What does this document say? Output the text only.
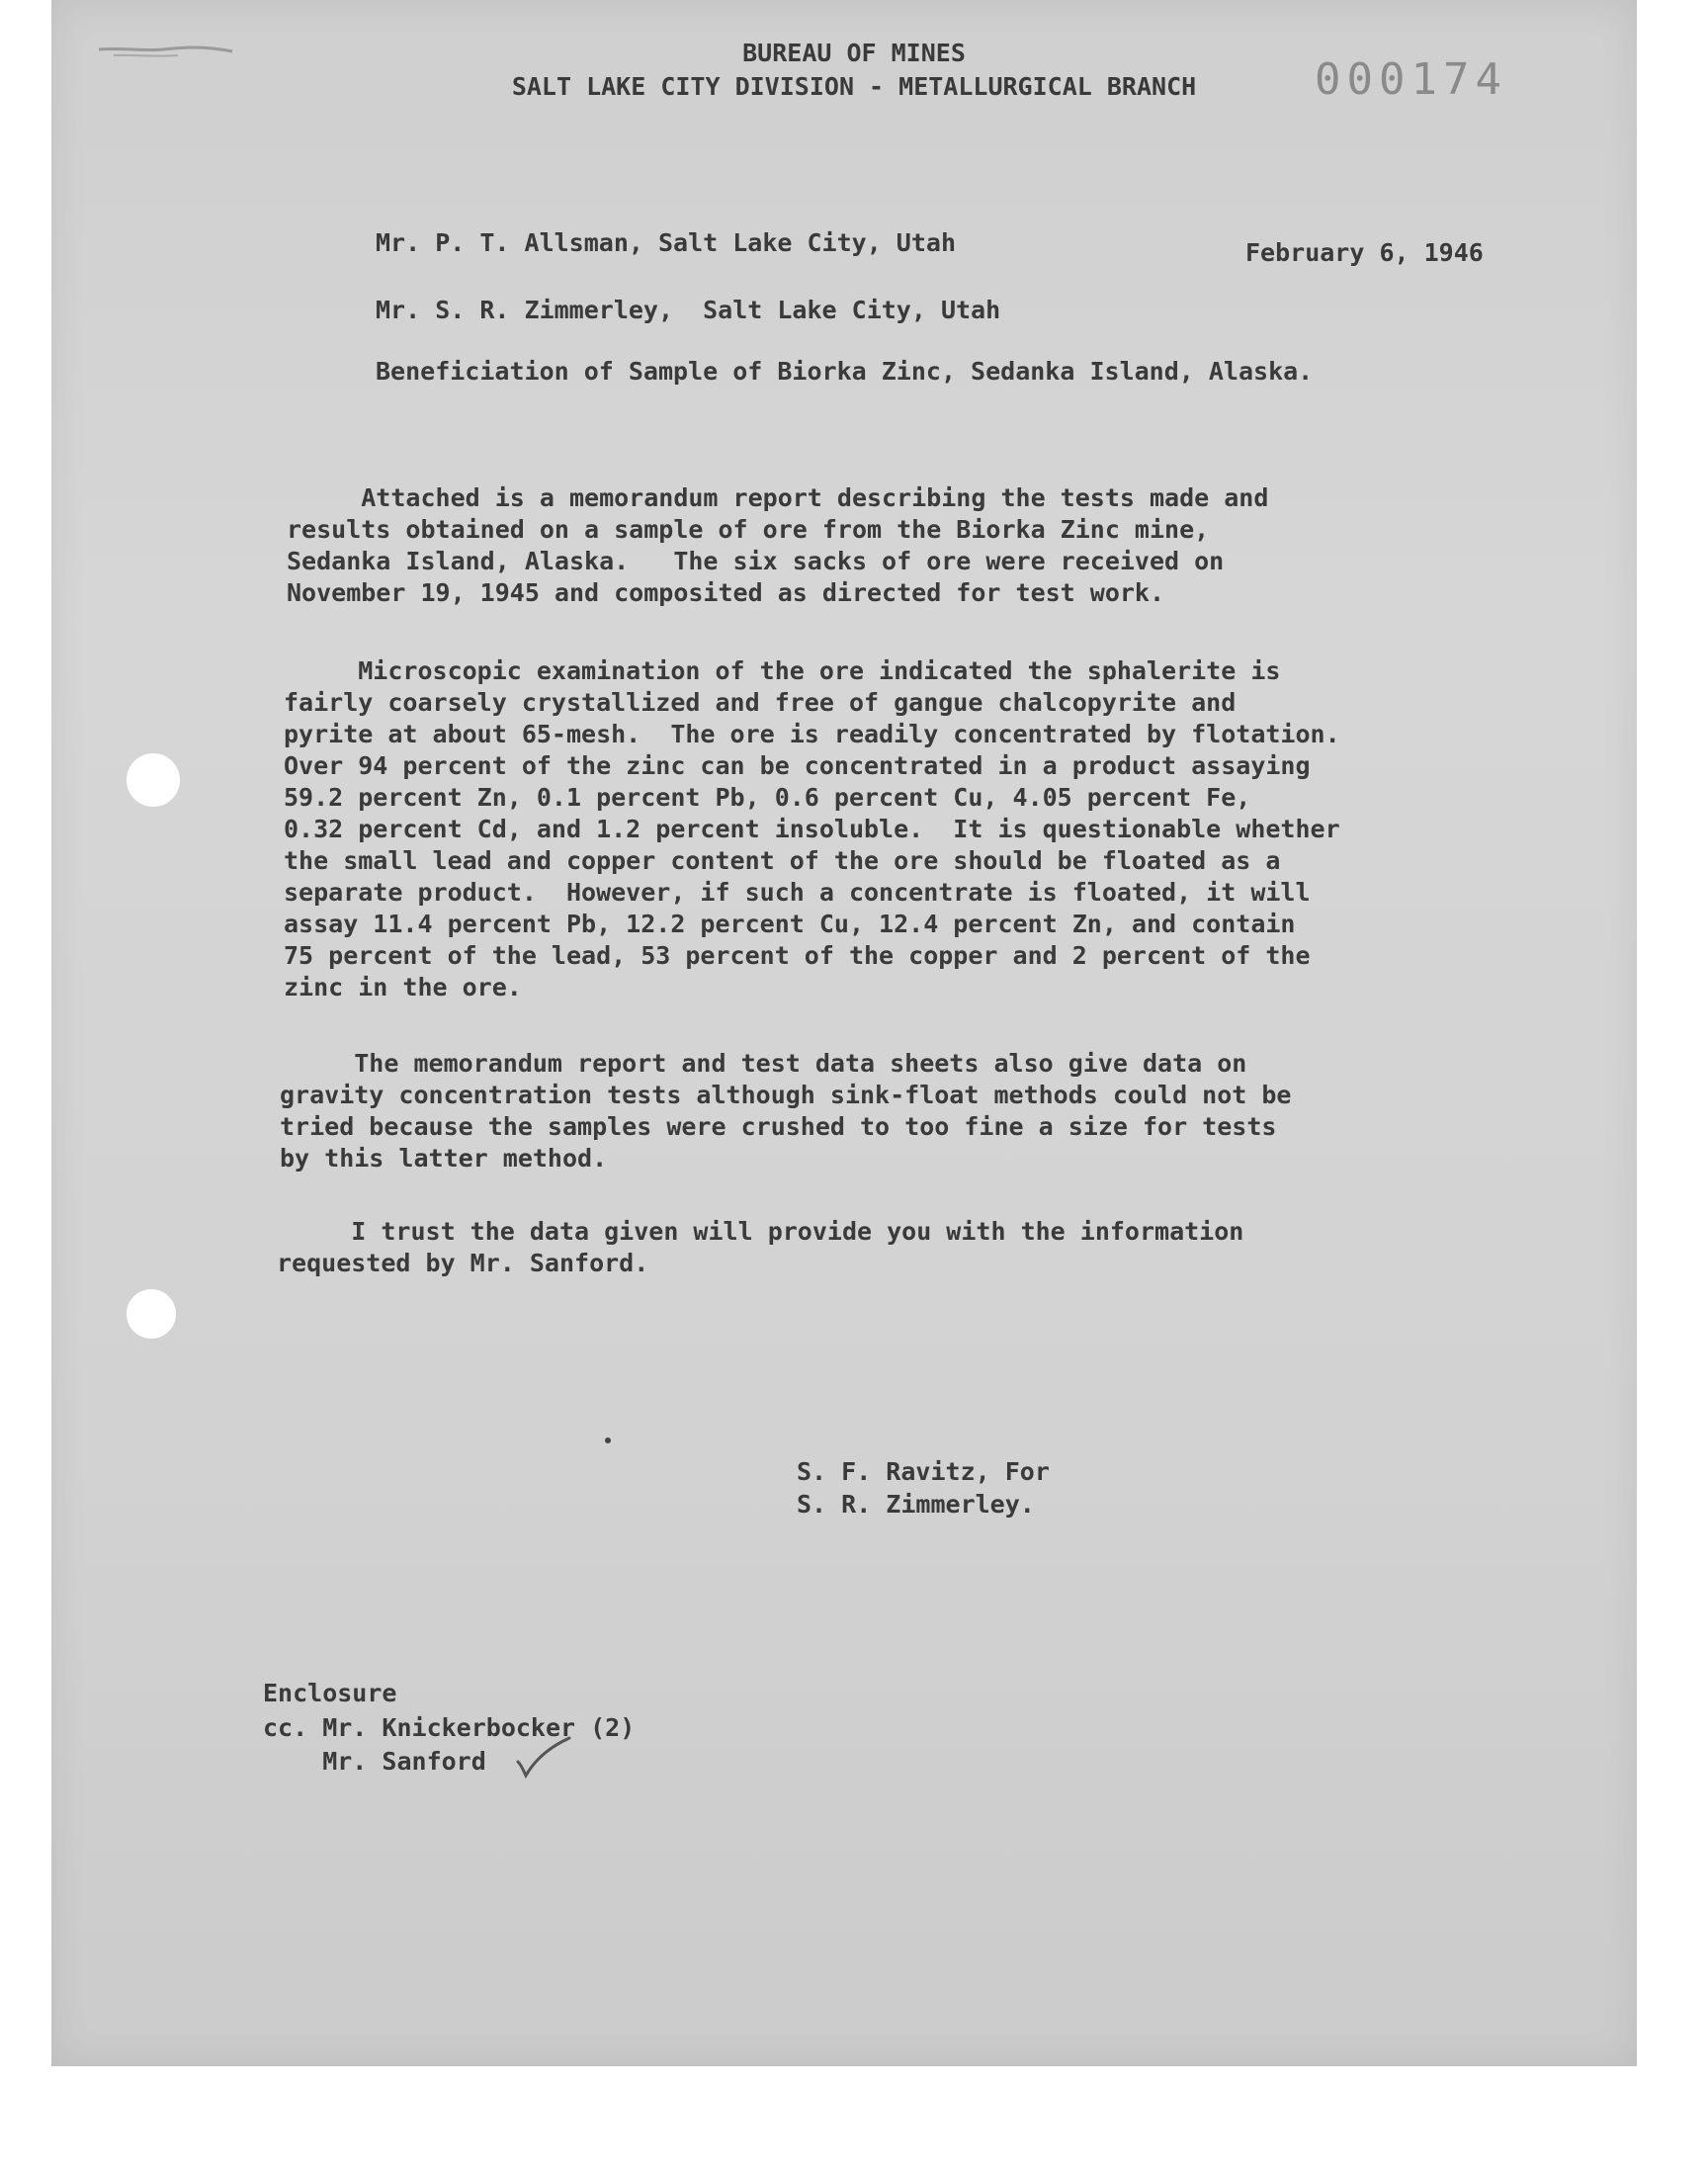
BUREAU OF MINES
SALT LAKE CITY DIVISION - METALLURGICAL BRANCH	000174
Mr. P. T. Allsman, Salt Lake City, Utah	February 6, 1946
Mr. S. R. Zimmerley,  Salt Lake City, Utah
Beneficiation of Sample of Biorka Zinc, Sedanka Island, Alaska.
Attached is a memorandum report describing the tests made and
results obtained on a sample of ore from the Biorka Zinc mine,
Sedanka Island, Alaska.   The six sacks of ore were received on
November 19, 1945 and composited as directed for test work.
Microscopic examination of the ore indicated the sphalerite is
fairly coarsely crystallized and free of gangue chalcopyrite and
pyrite at about 65-mesh.  The ore is readily concentrated by flotation.
Over 94 percent of the zinc can be concentrated in a product assaying
59.2 percent Zn, 0.1 percent Pb, 0.6 percent Cu, 4.05 percent Fe,
0.32 percent Cd, and 1.2 percent insoluble.  It is questionable whether
the small lead and copper content of the ore should be floated as a
separate product.  However, if such a concentrate is floated, it will
assay 11.4 percent Pb, 12.2 percent Cu, 12.4 percent Zn, and contain
75 percent of the lead, 53 percent of the copper and 2 percent of the
zinc in the ore.
The memorandum report and test data sheets also give data on
gravity concentration tests although sink-float methods could not be
tried because the samples were crushed to too fine a size for tests
by this latter method.
I trust the data given will provide you with the information
requested by Mr. Sanford.
S. F. Ravitz, For
S. R. Zimmerley.
Enclosure
cc. Mr. Knickerbocker (2)
Mr. Sanford
